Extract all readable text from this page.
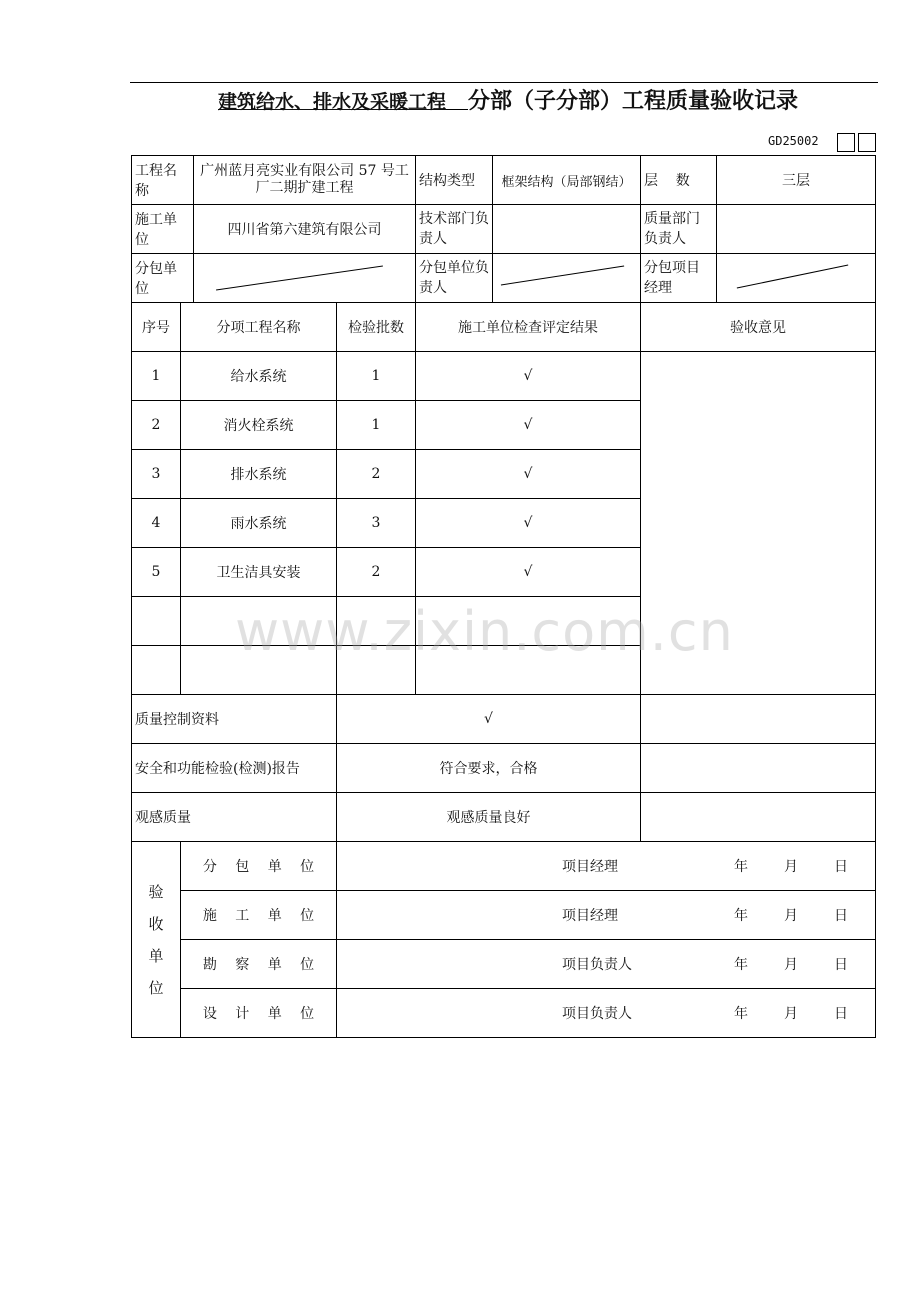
建筑给水、排水及采暖工程 分部（子分部）工程质量验收记录
GD25002
工程名称		广州蓝月亮实业有限公司 57 号工厂二期扩建工程		结构类型	框架结构（局部钢结）	层    数	三层
施工单位		四川省第六建筑有限公司		技术部门负责人		质量部门负责人	
分包单位				分包单位负责人		分包项目经理	

序号	分项工程名称		检验批数	施工单位检查评定结果		验收意见	
1	给水系统		1	√			
2	消火栓系统		1	√			
3	排水系统		2	√			
4	雨水系统		3	√			
5	卫生洁具安装		2	√			

质量控制资料			√				
安全和功能检验(检测)报告			符合要求，合格				
观感质量			观感质量良好				

验
收
单
位	分 包 单 位		项目经理 年 月 日				
	施 工 单 位		项目经理 年 月 日				
	勘 察 单 位		项目负责人 年 月 日				
	设 计 单 位		项目负责人 年 月 日				
www.zixin.com.cn
